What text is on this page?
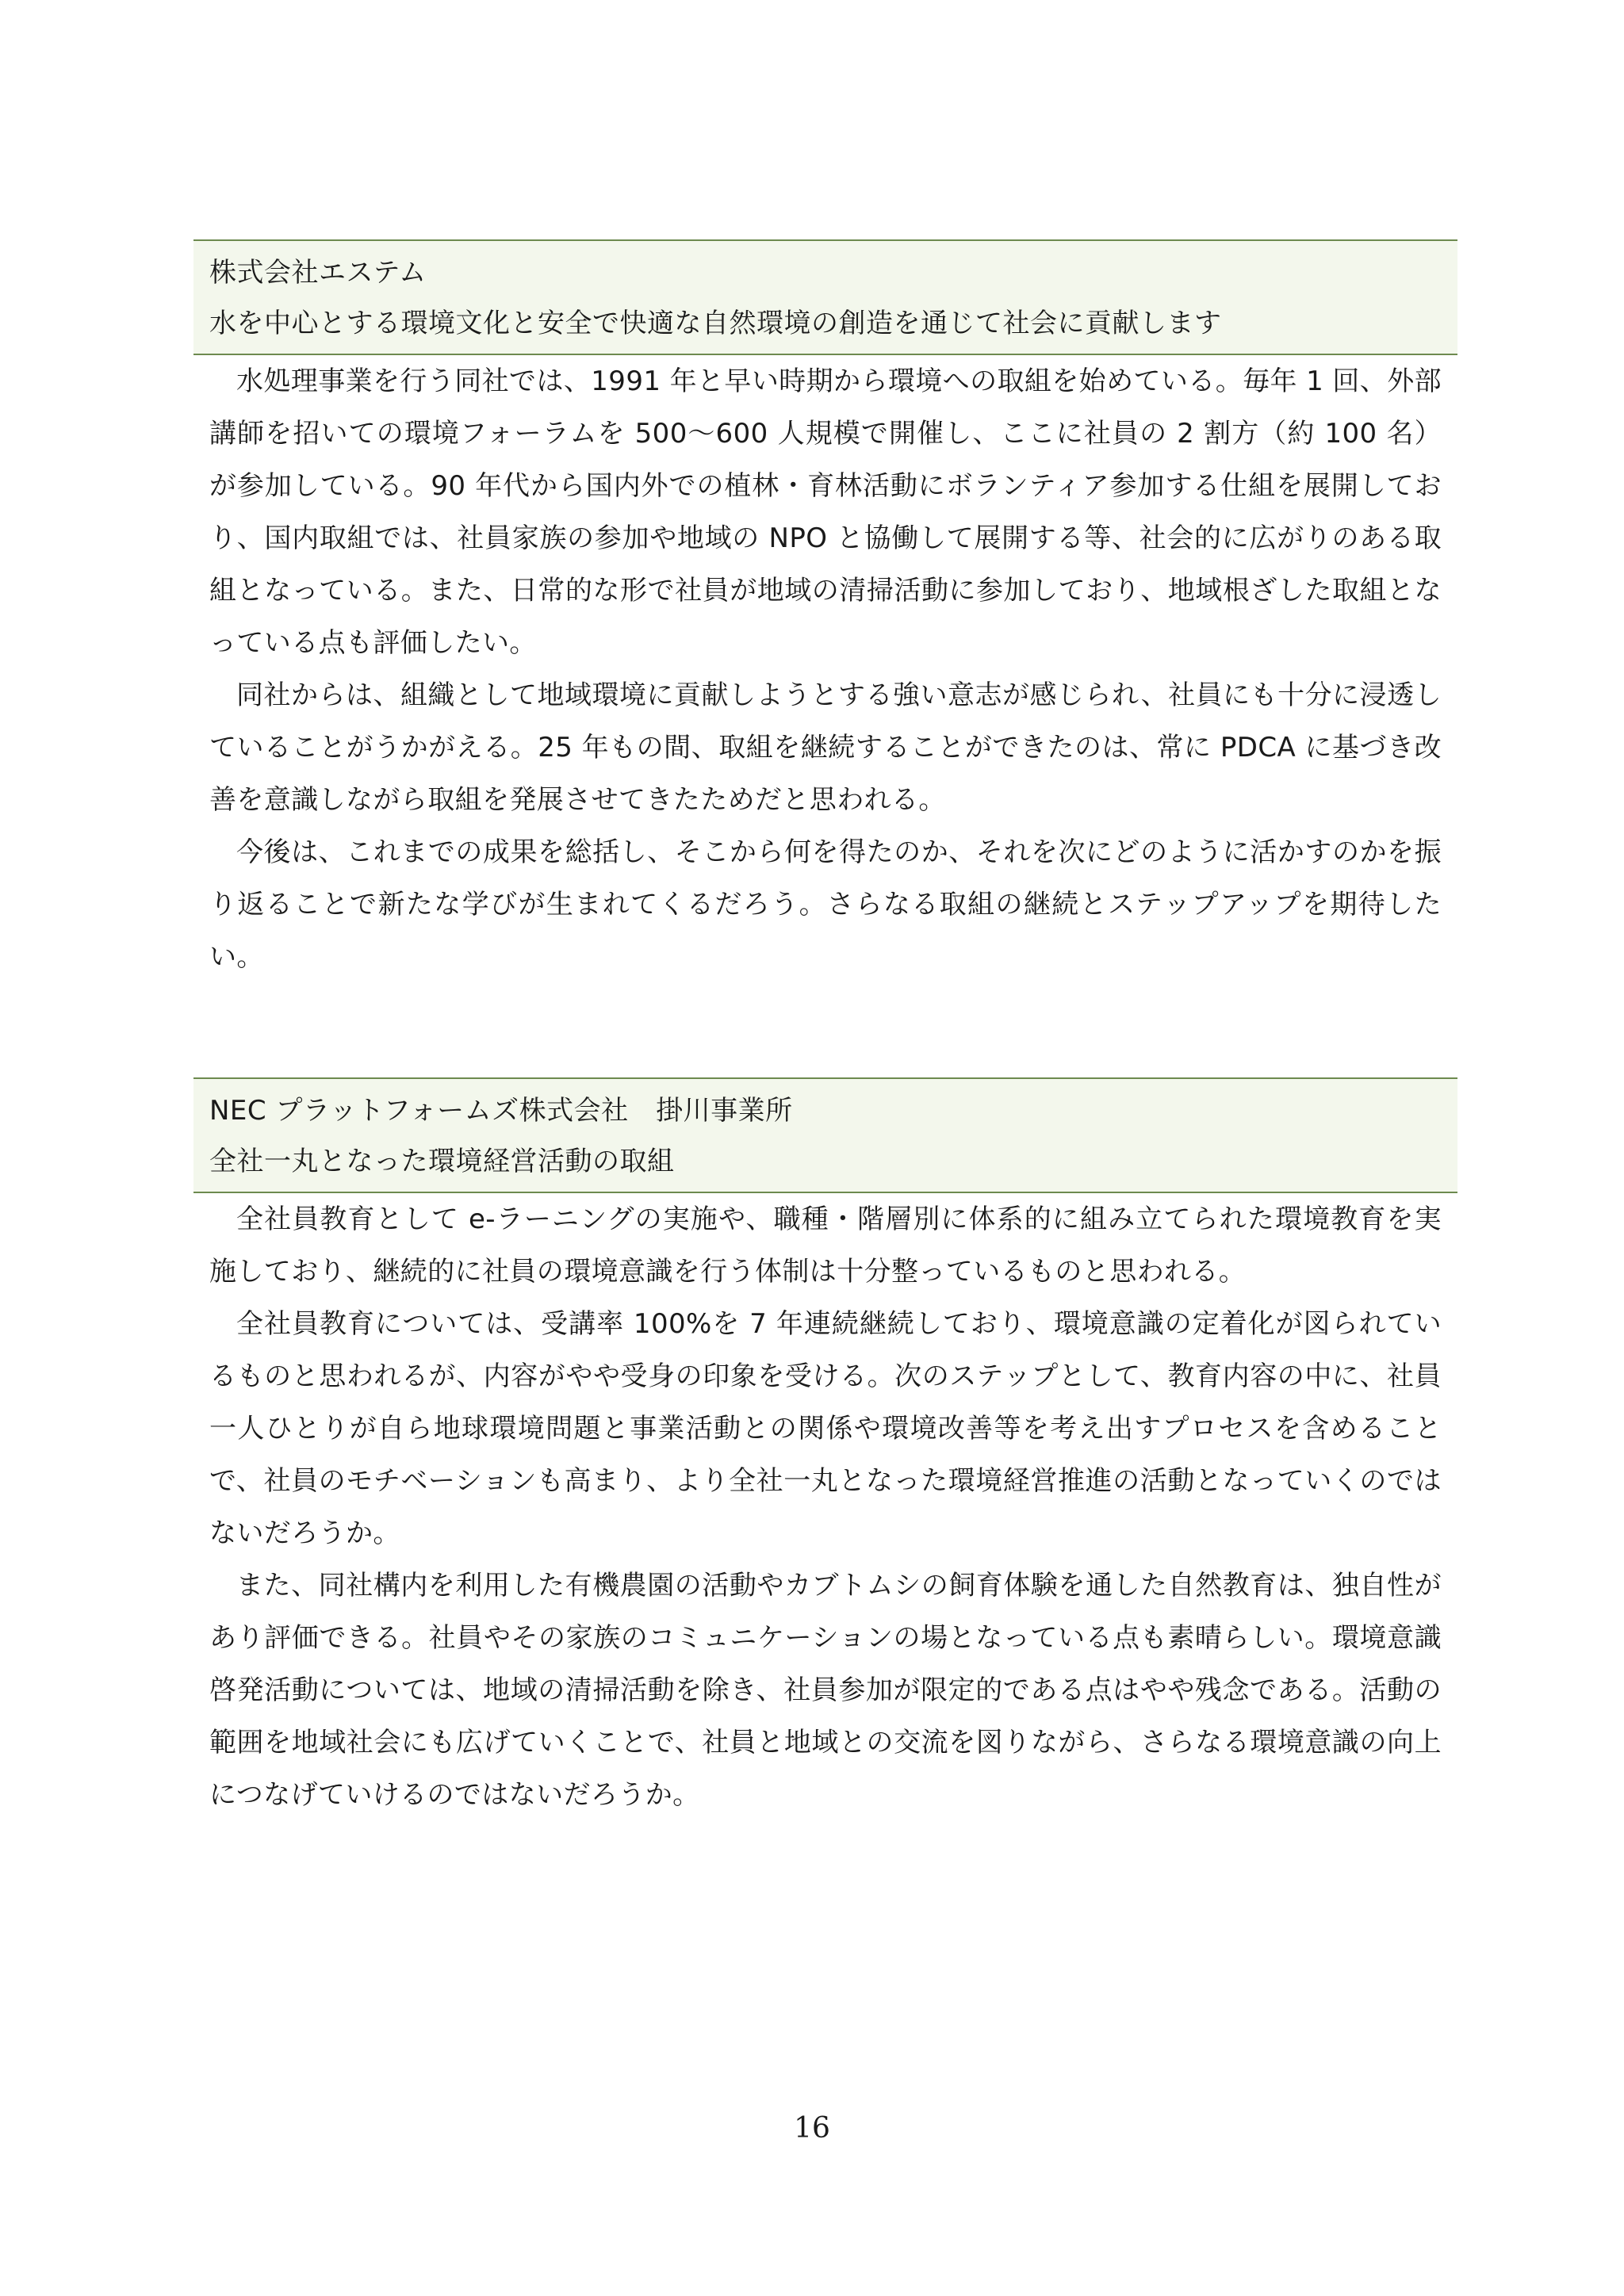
株式会社エステム
水を中心とする環境文化と安全で快適な自然環境の創造を通じて社会に貢献します

水処理事業を行う同社では、1991 年と早い時期から環境への取組を始めている。毎年 1 回、外部講師を招いての環境フォーラムを 500～600 人規模で開催し、ここに社員の 2 割方（約 100 名）が参加している。90 年代から国内外での植林・育林活動にボランティア参加する仕組を展開しており、国内取組では、社員家族の参加や地域の NPO と協働して展開する等、社会的に広がりのある取組となっている。また、日常的な形で社員が地域の清掃活動に参加しており、地域根ざした取組となっている点も評価したい。

同社からは、組織として地域環境に貢献しようとする強い意志が感じられ、社員にも十分に浸透していることがうかがえる。25 年もの間、取組を継続することができたのは、常に PDCA に基づき改善を意識しながら取組を発展させてきたためだと思われる。

今後は、これまでの成果を総括し、そこから何を得たのか、それを次にどのように活かすのかを振り返ることで新たな学びが生まれてくるだろう。さらなる取組の継続とステップアップを期待したい。

NEC プラットフォームズ株式会社　掛川事業所
全社一丸となった環境経営活動の取組

全社員教育として e-ラーニングの実施や、職種・階層別に体系的に組み立てられた環境教育を実施しており、継続的に社員の環境意識を行う体制は十分整っているものと思われる。

全社員教育については、受講率 100%を 7 年連続継続しており、環境意識の定着化が図られているものと思われるが、内容がやや受身の印象を受ける。次のステップとして、教育内容の中に、社員一人ひとりが自ら地球環境問題と事業活動との関係や環境改善等を考え出すプロセスを含めることで、社員のモチベーションも高まり、より全社一丸となった環境経営推進の活動となっていくのではないだろうか。

また、同社構内を利用した有機農園の活動やカブトムシの飼育体験を通した自然教育は、独自性があり評価できる。社員やその家族のコミュニケーションの場となっている点も素晴らしい。環境意識啓発活動については、地域の清掃活動を除き、社員参加が限定的である点はやや残念である。活動の範囲を地域社会にも広げていくことで、社員と地域との交流を図りながら、さらなる環境意識の向上につなげていけるのではないだろうか。

16
